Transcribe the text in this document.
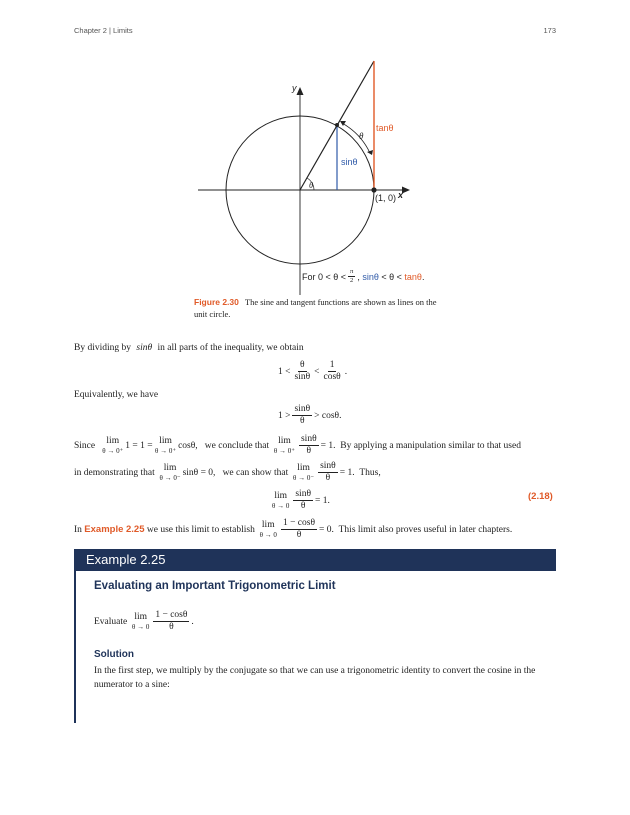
Chapter 2 | Limits	173
y
x
(1, 0)
tanθ
sinθ
θ
θ
For $0 < \theta < \frac{\pi}{2}$ ,
sinθ < θ < tanθ .
Figure 2.30 The sine and tangent functions are shown as lines on the unit circle.
By dividing by sinθ in all parts of the inequality, we obtain
$1 < \frac{\theta}{\sin\theta} < \frac{1}{\cos\theta}$ .
Equivalently, we have
$1 > \frac{\sin\theta}{\theta} > \cos\theta$.
Since
lim
θ → 0⁺
1 = 1 =
lim
θ → 0⁺
cosθ,
we conclude that
lim
$\theta \to 0^+ \frac{\sin\theta}{\theta} = 1$.
By applying a manipulation similar to that used
in demonstrating that
lim
θ → 0⁻
sinθ = 0,
we can show that
lim
$\theta \to 0^- \frac{\sin\theta}{\theta} = 1$.
Thus,
lim
$\theta \to 0 \frac{\sin\theta}{\theta} = 1$.	(2.18)
In
Example 2.25
we use this limit to establish
lim
$\theta \to 0 \frac{1 - \cos\theta}{\theta} = 0$.
This limit also proves useful in later chapters.
Example 2.25
Evaluating an Important Trigonometric Limit
Evaluate
lim
$\theta \to 0 \frac{1 - \cos\theta}{\theta}$ .
Solution
In the first step, we multiply by the conjugate so that we can use a trigonometric identity to convert the cosine in the numerator to a sine:
